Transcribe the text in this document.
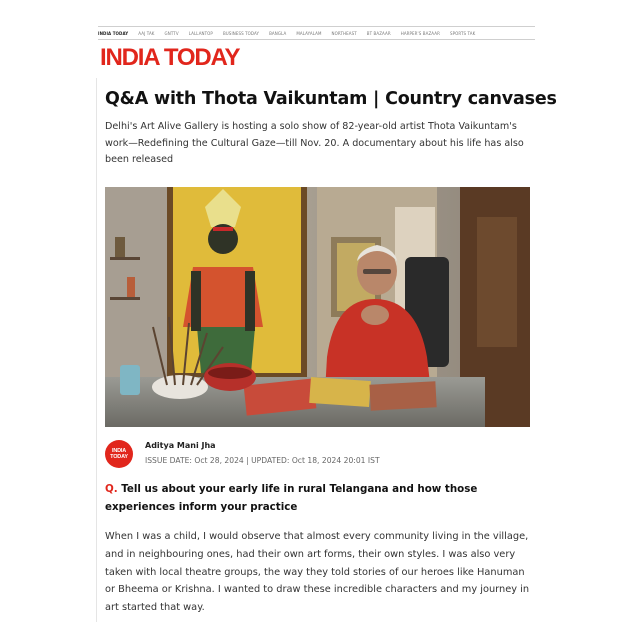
INDIA TODAY	AAJ TAK	GNTTV	LALLANTOP	BUSINESS TODAY	BANGLA	MALAYALAM	NORTHEAST	BT BAZAAR	HARPER'S BAZAAR	SPORTS TAK
INDIA TODAY
Q&A with Thota Vaikuntam | Country canvases

Delhi's Art Alive Gallery is hosting a solo show of 82-year-old artist Thota Vaikuntam's work—Redefining the Cultural Gaze—till Nov. 20. A documentary about his life has also been released

INDIA
TODAY
Aditya Mani Jha
ISSUE DATE: Oct 28, 2024 | UPDATED: Oct 18, 2024 20:01 IST

Q. Tell us about your early life in rural Telangana and how those experiences inform your practice

When I was a child, I would observe that almost every community living in the village, and in neighbouring ones, had their own art forms, their own styles. I was also very taken with local theatre groups, the way they told stories of our heroes like Hanuman or Bheema or Krishna. I wanted to draw these incredible characters and my journey in art started that way.
